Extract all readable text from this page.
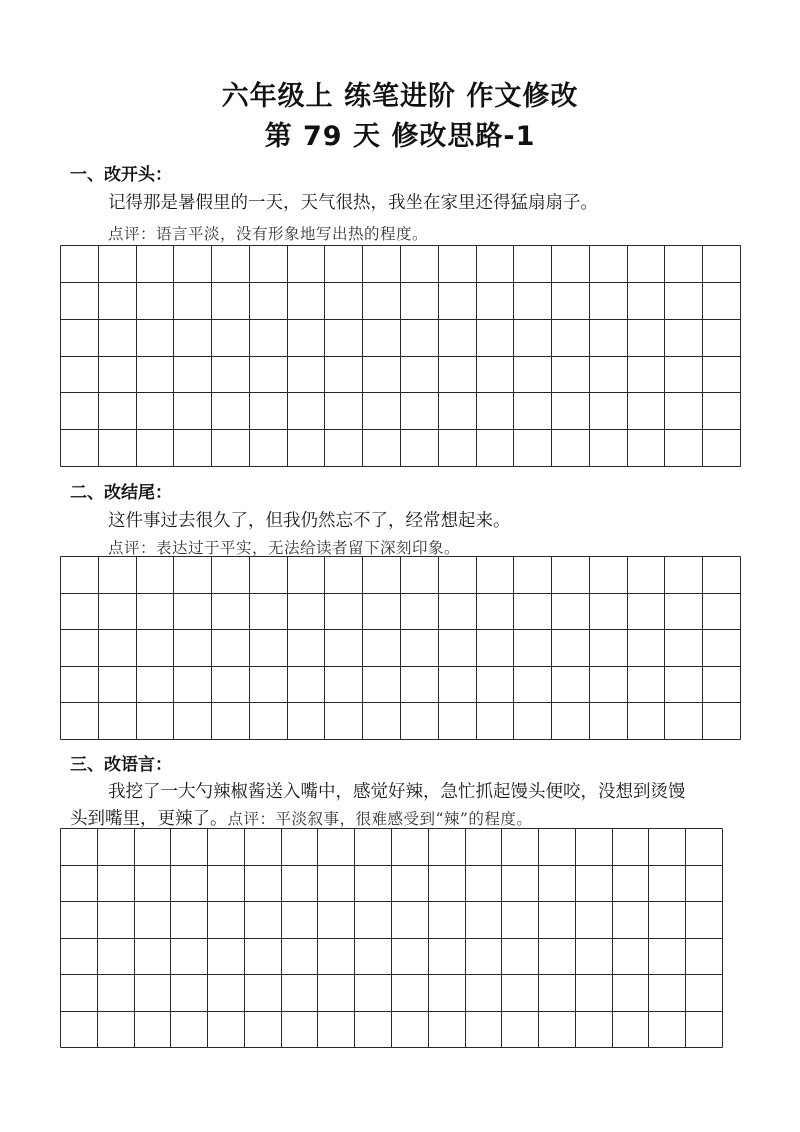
六年级上 练笔进阶 作文修改
第 79 天 修改思路-1
一、改开头：
记得那是暑假里的一天，天气很热，我坐在家里还得猛扇扇子。
点评：语言平淡，没有形象地写出热的程度。
二、改结尾：
这件事过去很久了，但我仍然忘不了，经常想起来。
点评：表达过于平实，无法给读者留下深刻印象。
三、改语言：
我挖了一大勺辣椒酱送入嘴中，感觉好辣，急忙抓起馒头便咬，没想到烫馒
头到嘴里，更辣了。点评：平淡叙事，很难感受到“辣”的程度。
